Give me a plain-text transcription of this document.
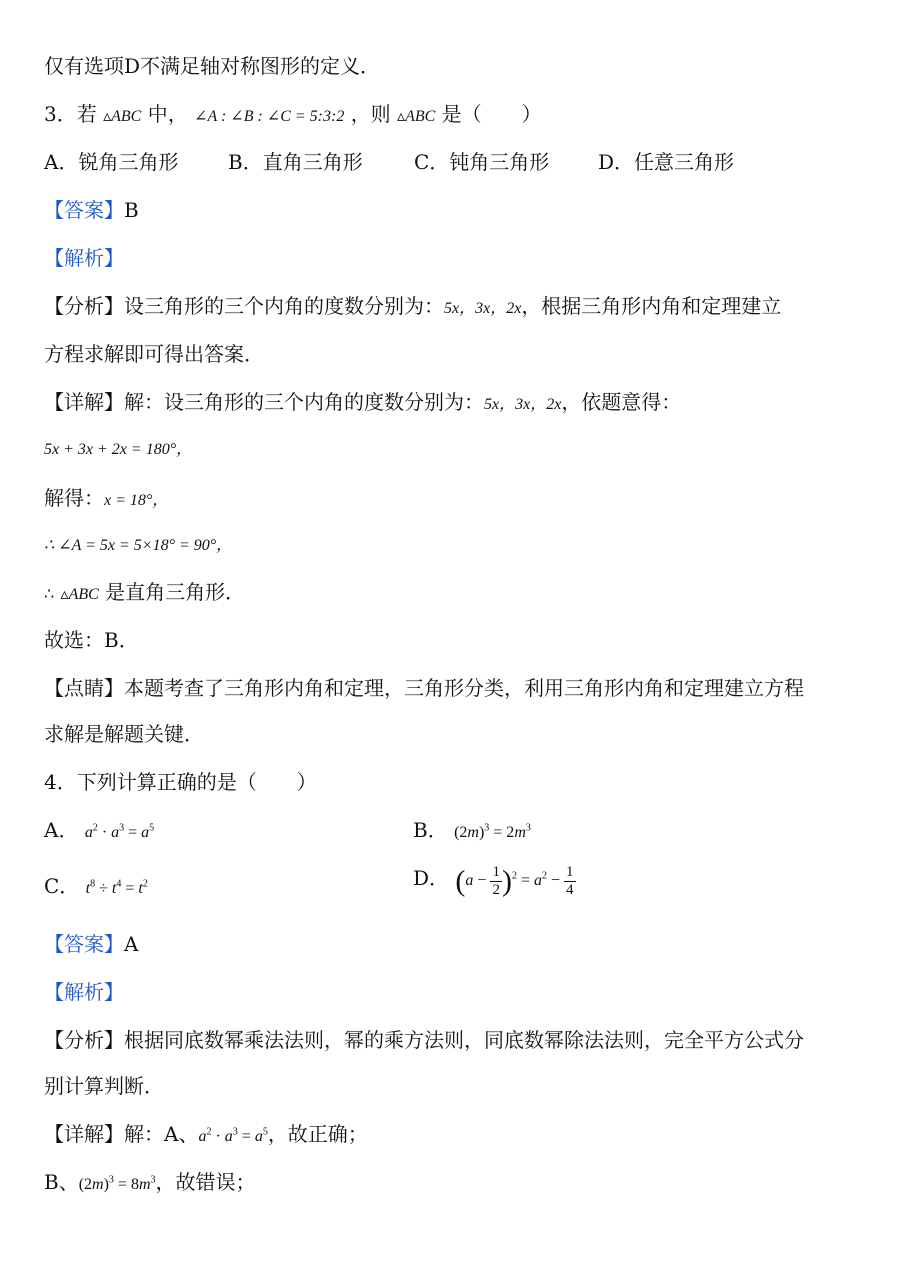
仅有选项D不满足轴对称图形的定义．
3．若 ▵ABC 中， ∠A : ∠B : ∠C = 5:3:2 ，则 ▵ABC 是（　　）
A．锐角三角形 B．直角三角形	C．钝角三角形 D．任意三角形
【答案】B
【解析】
【分析】设三角形的三个内角的度数分别为：5x，3x，2x，根据三角形内角和定理建立
方程求解即可得出答案．
【详解】解：设三角形的三个内角的度数分别为：5x，3x，2x，依题意得：
5x + 3x + 2x = 180°，
解得：x = 18°，
∴ ∠A = 5x = 5×18° = 90°，
∴ ▵ABC 是直角三角形．
故选：B．
【点睛】本题考查了三角形内角和定理，三角形分类，利用三角形内角和定理建立方程
求解是解题关键．
4．下列计算正确的是（　　）
A． $a^2 \cdot a^3 = a^5$	B． $(2m)^3 = 2m^3$
C． $t^8 \div t^4 = t^2$	D． $(a - \frac{1}{2} )^2 = a^2 - \frac{1}{4}$
【答案】A
【解析】
【分析】根据同底数幂乘法法则，幂的乘方法则，同底数幂除法法则，完全平方公式分
别计算判断．
【详解】解：A、$a^2 \cdot a^3 = a^5$，故正确；
B、$(2m)^3 = 8m^3$，故错误；
